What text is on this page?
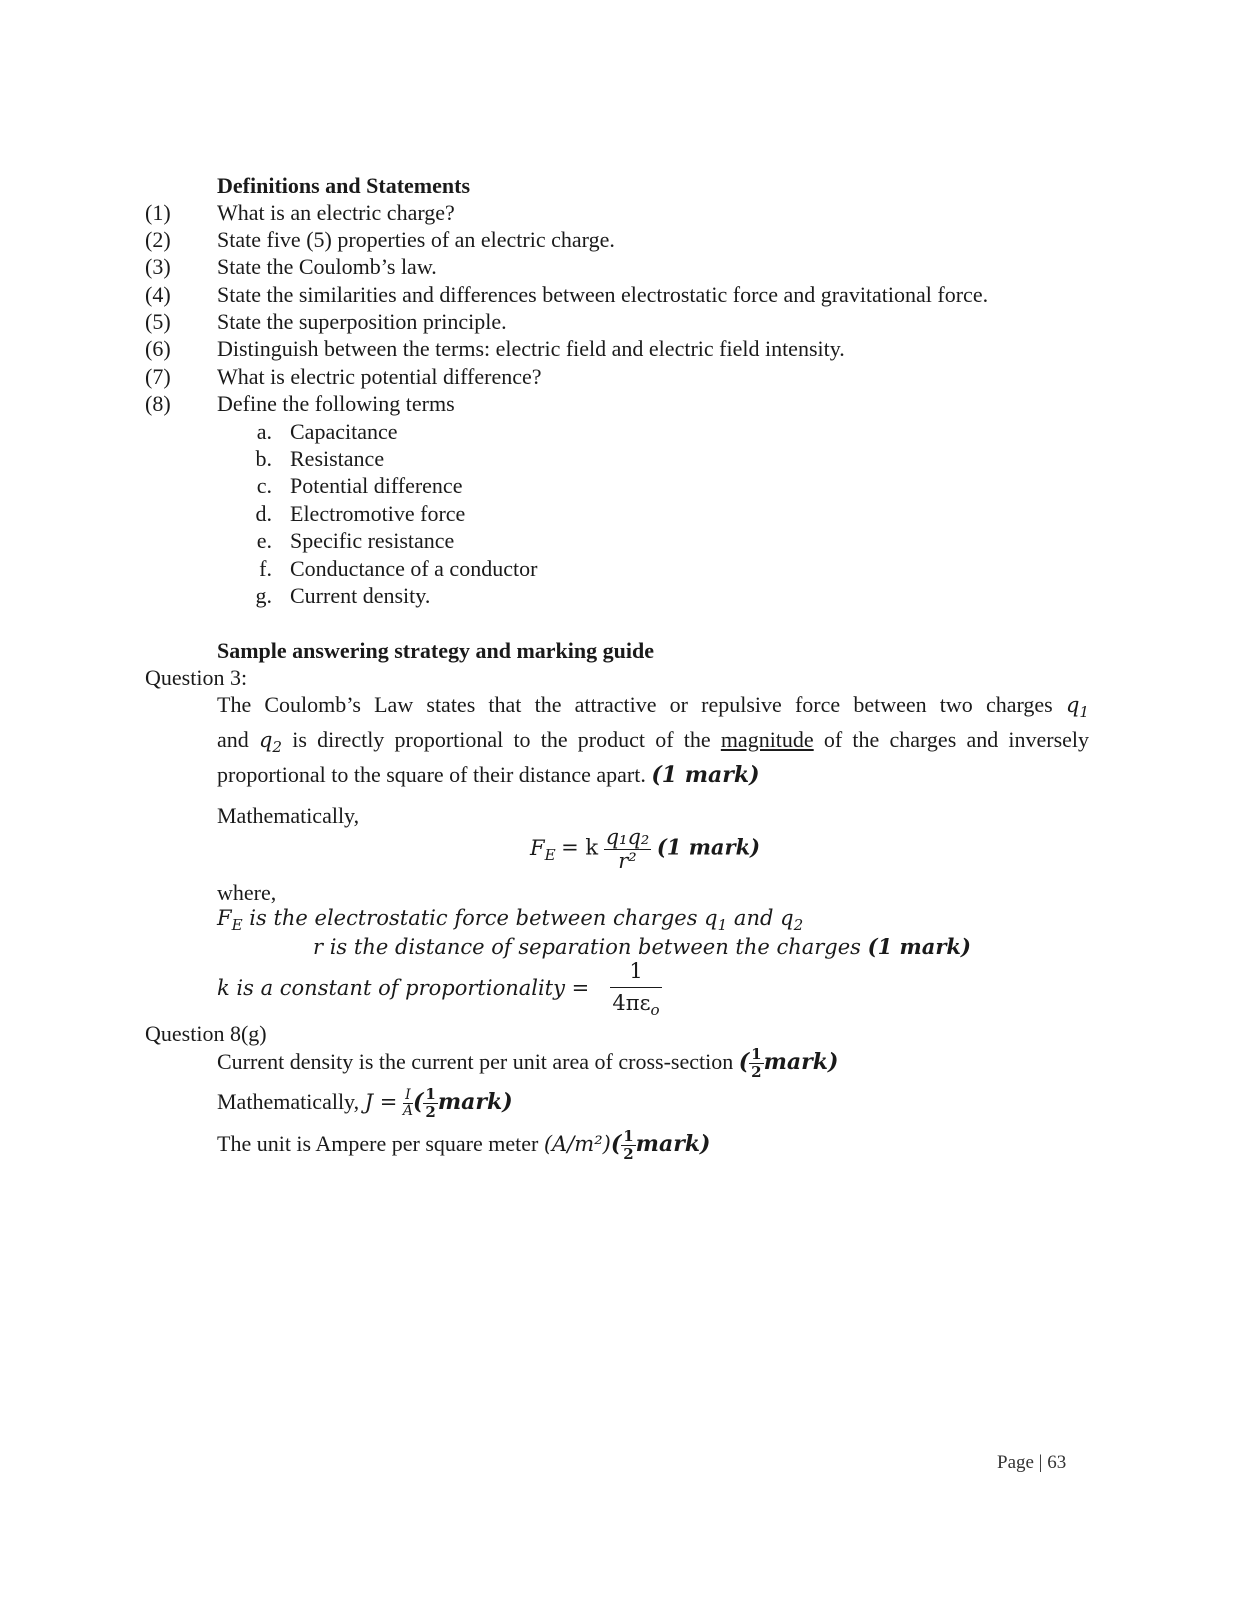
Definitions and Statements
(1) What is an electric charge?
(2) State five (5) properties of an electric charge.
(3) State the Coulomb’s law.
(4) State the similarities and differences between electrostatic force and gravitational force.
(5) State the superposition principle.
(6) Distinguish between the terms: electric field and electric field intensity.
(7) What is electric potential difference?
(8) Define the following terms
a. Capacitance
b. Resistance
c. Potential difference
d. Electromotive force
e. Specific resistance
f. Conductance of a conductor
g. Current density.
Sample answering strategy and marking guide
Question 3:
The Coulomb’s Law states that the attractive or repulsive force between two charges $q_1$
and $q_2$ is directly proportional to the product of the magnitude of the charges and inversely
proportional to the square of their distance apart. (1 mark)
Mathematically,
$F_E = k \frac{\text{q₁q₂}}{\text{r²}} (1$ mark)
where,
$F_E$ is the electrostatic force between charges $q_1$ and $q_2$
r is the distance of separation between the charges (1 mark)
k is a constant of proportionality = $\frac{1}{4\pi\varepsilon_o}$
Question 8(g)
Current density is the current per unit area of cross-section ( $\frac{1}{2}$ mark)
Mathematically, $J = \frac{I}{A}$ ( $\frac{1}{2}$ mark)
The unit is Ampere per square meter $(A/m^2)( \frac{1}{2}$ mark)
Page | 63
